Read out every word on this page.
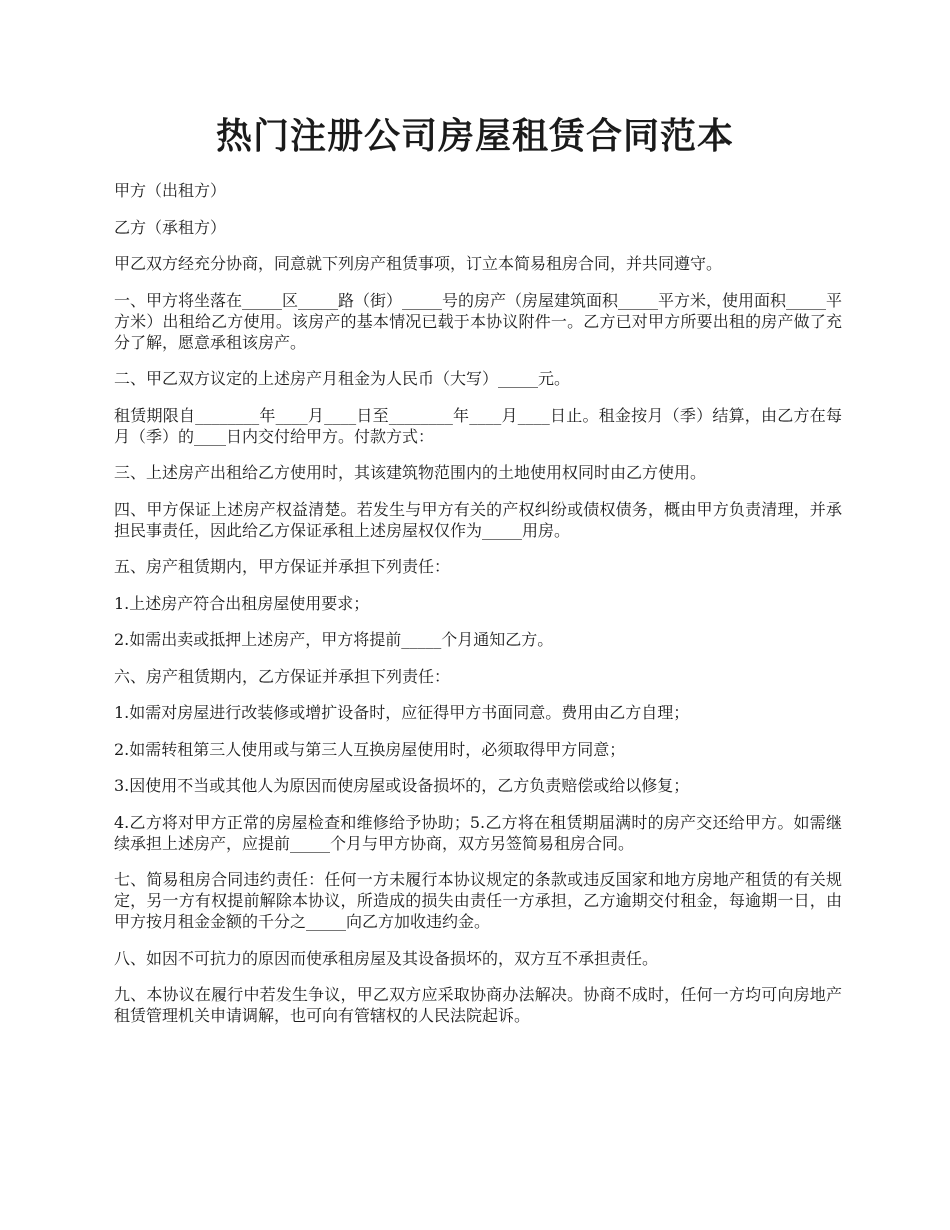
热门注册公司房屋租赁合同范本

甲方（出租方）

乙方（承租方）

甲乙双方经充分协商，同意就下列房产租赁事项，订立本简易租房合同，并共同遵守。

一、甲方将坐落在_____区_____路（街）_____号的房产（房屋建筑面积_____平方米，使用面积_____平方米）出租给乙方使用。该房产的基本情况已载于本协议附件一。乙方已对甲方所要出租的房产做了充分了解，愿意承租该房产。

二、甲乙双方议定的上述房产月租金为人民币（大写）_____元。

租赁期限自________年____月____日至________年____月____日止。租金按月（季）结算，由乙方在每月（季）的____日内交付给甲方。付款方式：

三、上述房产出租给乙方使用时，其该建筑物范围内的土地使用权同时由乙方使用。

四、甲方保证上述房产权益清楚。若发生与甲方有关的产权纠纷或债权债务，概由甲方负责清理，并承担民事责任，因此给乙方保证承租上述房屋权仅作为_____用房。

五、房产租赁期内，甲方保证并承担下列责任：

1.上述房产符合出租房屋使用要求；

2.如需出卖或抵押上述房产，甲方将提前_____个月通知乙方。

六、房产租赁期内，乙方保证并承担下列责任：

1.如需对房屋进行改装修或增扩设备时，应征得甲方书面同意。费用由乙方自理；

2.如需转租第三人使用或与第三人互换房屋使用时，必须取得甲方同意；

3.因使用不当或其他人为原因而使房屋或设备损坏的，乙方负责赔偿或给以修复；

4.乙方将对甲方正常的房屋检查和维修给予协助；5.乙方将在租赁期届满时的房产交还给甲方。如需继续承担上述房产，应提前_____个月与甲方协商，双方另签简易租房合同。

七、简易租房合同违约责任：任何一方未履行本协议规定的条款或违反国家和地方房地产租赁的有关规定，另一方有权提前解除本协议，所造成的损失由责任一方承担，乙方逾期交付租金，每逾期一日，由甲方按月租金金额的千分之_____向乙方加收违约金。

八、如因不可抗力的原因而使承租房屋及其设备损坏的，双方互不承担责任。

九、本协议在履行中若发生争议，甲乙双方应采取协商办法解决。协商不成时，任何一方均可向房地产租赁管理机关申请调解，也可向有管辖权的人民法院起诉。
